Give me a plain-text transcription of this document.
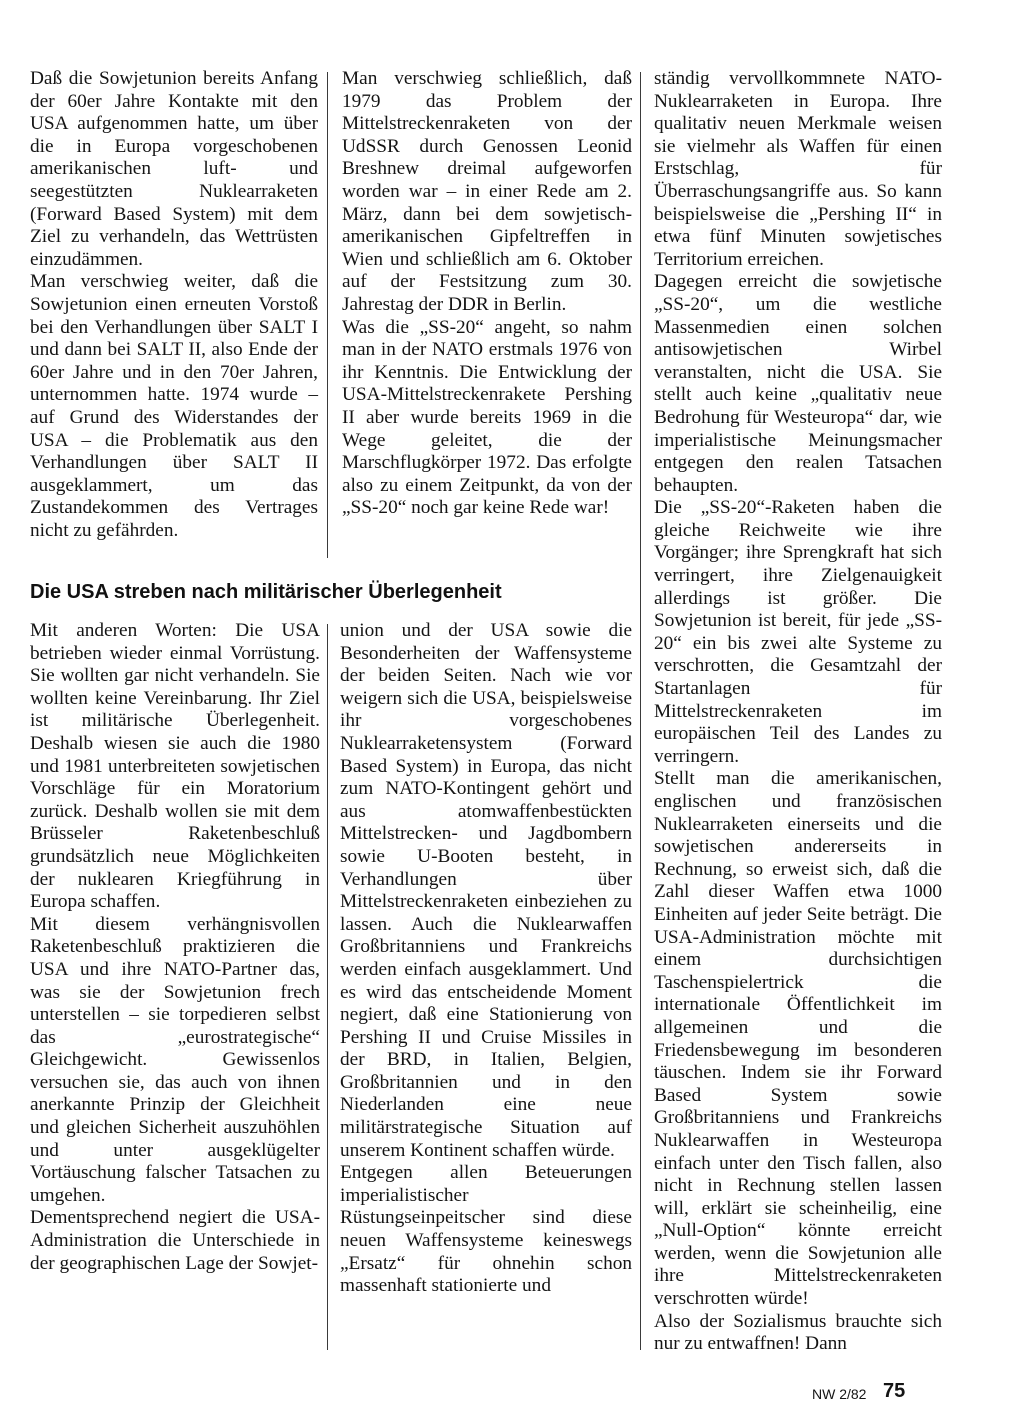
Daß die Sowjetunion bereits Anfang der 60er Jahre Kontakte mit den USA aufgenommen hatte, um über die in Europa vorgeschobenen amerikanischen luft- und seegestützten Nuklearraketen (Forward Based System) mit dem Ziel zu verhandeln, das Wettrüsten einzudämmen.

Man verschwieg weiter, daß die Sowjetunion einen erneuten Vorstoß bei den Verhandlungen über SALT I und dann bei SALT II, also Ende der 60er Jahre und in den 70er Jahren, unternommen hatte. 1974 wurde – auf Grund des Widerstandes der USA – die Problematik aus den Verhandlungen über SALT II ausgeklammert, um das Zustandekommen des Vertrages nicht zu gefährden.

Man verschwieg schließlich, daß 1979 das Problem der Mittelstreckenraketen von der UdSSR durch Genossen Leonid Breshnew dreimal aufgeworfen worden war – in einer Rede am 2. März, dann bei dem sowjetisch-amerikanischen Gipfeltreffen in Wien und schließlich am 6. Oktober auf der Festsitzung zum 30. Jahrestag der DDR in Berlin.

Was die „SS-20“ angeht, so nahm man in der NATO erstmals 1976 von ihr Kenntnis. Die Entwicklung der USA-Mittelstreckenrakete Pershing II aber wurde bereits 1969 in die Wege geleitet, die der Marschflugkörper 1972. Das erfolgte also zu einem Zeitpunkt, da von der „SS-20“ noch gar keine Rede war!

Die USA streben nach militärischer Überlegenheit

Mit anderen Worten: Die USA betrieben wieder einmal Vorrüstung. Sie wollten gar nicht verhandeln. Sie wollten keine Vereinbarung. Ihr Ziel ist militärische Überlegenheit. Deshalb wiesen sie auch die 1980 und 1981 unterbreiteten sowjetischen Vorschläge für ein Moratorium zurück. Deshalb wollen sie mit dem Brüsseler Raketenbeschluß grundsätzlich neue Möglichkeiten der nuklearen Kriegführung in Europa schaffen.

Mit diesem verhängnisvollen Raketenbeschluß praktizieren die USA und ihre NATO-Partner das, was sie der Sowjetunion frech unterstellen – sie torpedieren selbst das „eurostrategische“ Gleichgewicht. Gewissenlos versuchen sie, das auch von ihnen anerkannte Prinzip der Gleichheit und gleichen Sicherheit auszuhöhlen und unter ausgeklügelter Vortäuschung falscher Tatsachen zu umgehen.

Dementsprechend negiert die USA-Administration die Unterschiede in der geographischen Lage der Sowjet-

union und der USA sowie die Besonderheiten der Waffensysteme der beiden Seiten. Nach wie vor weigern sich die USA, beispielsweise ihr vorgeschobenes Nuklearraketensystem (Forward Based System) in Europa, das nicht zum NATO-Kontingent gehört und aus atomwaffenbestückten Mittelstrecken- und Jagdbombern sowie U-Booten besteht, in Verhandlungen über Mittelstreckenraketen einbeziehen zu lassen. Auch die Nuklearwaffen Großbritanniens und Frankreichs werden einfach ausgeklammert. Und es wird das entscheidende Moment negiert, daß eine Stationierung von Pershing II und Cruise Missiles in der BRD, in Italien, Belgien, Großbritannien und in den Niederlanden eine neue militärstrategische Situation auf unserem Kontinent schaffen würde.

Entgegen allen Beteuerungen imperialistischer Rüstungseinpeitscher sind diese neuen Waffensysteme keineswegs „Ersatz“ für ohnehin schon massenhaft stationierte und

ständig vervollkommnete NATO-Nuklearraketen in Europa. Ihre qualitativ neuen Merkmale weisen sie vielmehr als Waffen für einen Erstschlag, für Überraschungsangriffe aus. So kann beispielsweise die „Pershing II“ in etwa fünf Minuten sowjetisches Territorium erreichen.

Dagegen erreicht die sowjetische „SS-20“, um die westliche Massenmedien einen solchen antisowjetischen Wirbel veranstalten, nicht die USA. Sie stellt auch keine „qualitativ neue Bedrohung für Westeuropa“ dar, wie imperialistische Meinungsmacher entgegen den realen Tatsachen behaupten.

Die „SS-20“-Raketen haben die gleiche Reichweite wie ihre Vorgänger; ihre Sprengkraft hat sich verringert, ihre Zielgenauigkeit allerdings ist größer. Die Sowjetunion ist bereit, für jede „SS-20“ ein bis zwei alte Systeme zu verschrotten, die Gesamtzahl der Startanlagen für Mittelstreckenraketen im europäischen Teil des Landes zu verringern.

Stellt man die amerikanischen, englischen und französischen Nuklearraketen einerseits und die sowjetischen andererseits in Rechnung, so erweist sich, daß die Zahl dieser Waffen etwa 1000 Einheiten auf jeder Seite beträgt. Die USA-Administration möchte mit einem durchsichtigen Taschenspielertrick die internationale Öffentlichkeit im allgemeinen und die Friedensbewegung im besonderen täuschen. Indem sie ihr Forward Based System sowie Großbritanniens und Frankreichs Nuklearwaffen in Westeuropa einfach unter den Tisch fallen, also nicht in Rechnung stellen lassen will, erklärt sie scheinheilig, eine „Null-Option“ könnte erreicht werden, wenn die Sowjetunion alle ihre Mittelstreckenraketen verschrotten würde!

Also der Sozialismus brauchte sich nur zu entwaffnen! Dann

NW 2/82 75
